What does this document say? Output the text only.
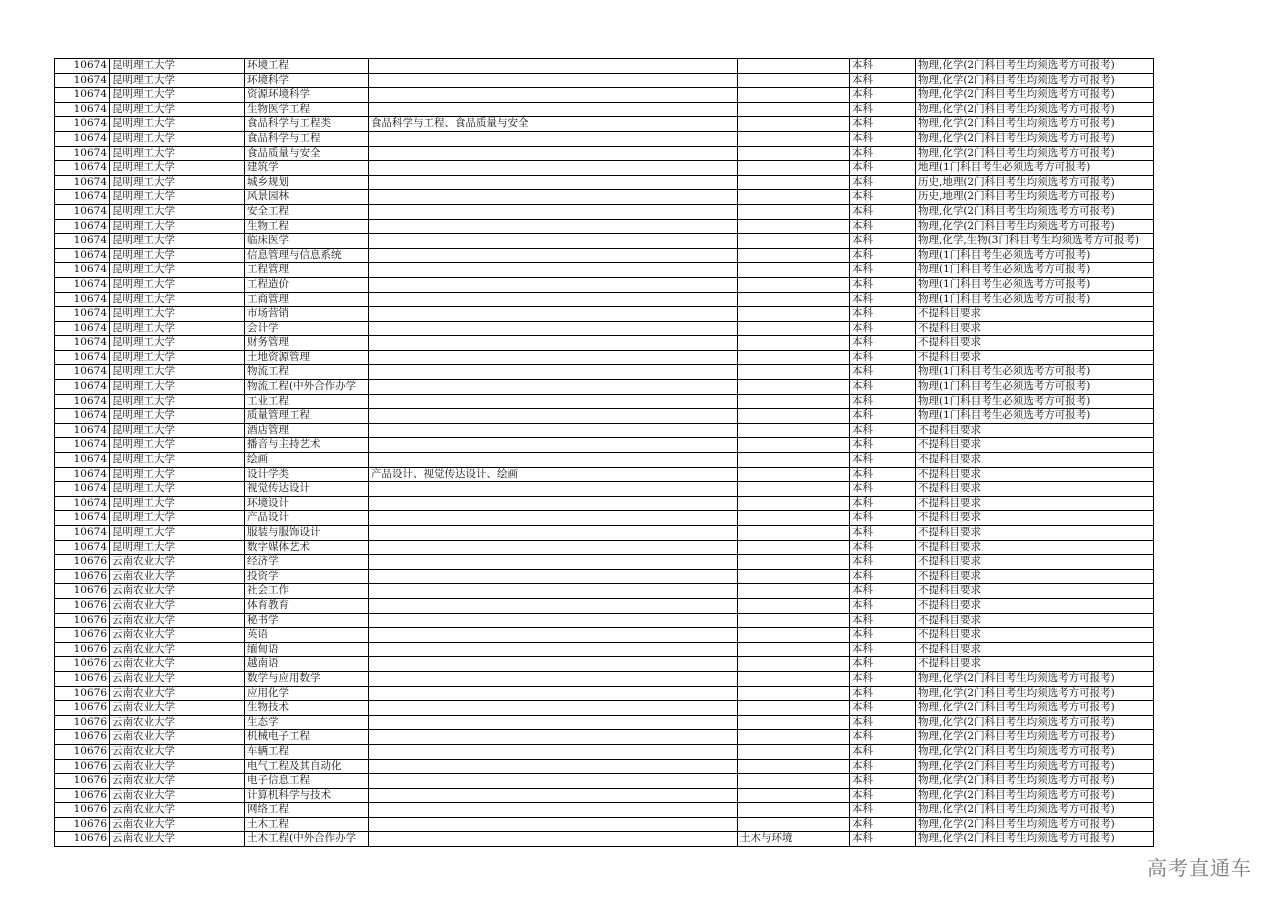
10674	昆明理工大学	环境工程			本科	物理,化学(2门科目考生均须选考方可报考)
10674	昆明理工大学	环境科学			本科	物理,化学(2门科目考生均须选考方可报考)
10674	昆明理工大学	资源环境科学			本科	物理,化学(2门科目考生均须选考方可报考)
10674	昆明理工大学	生物医学工程			本科	物理,化学(2门科目考生均须选考方可报考)
10674	昆明理工大学	食品科学与工程类	食品科学与工程、食品质量与安全		本科	物理,化学(2门科目考生均须选考方可报考)
10674	昆明理工大学	食品科学与工程			本科	物理,化学(2门科目考生均须选考方可报考)
10674	昆明理工大学	食品质量与安全			本科	物理,化学(2门科目考生均须选考方可报考)
10674	昆明理工大学	建筑学			本科	地理(1门科目考生必须选考方可报考)
10674	昆明理工大学	城乡规划			本科	历史,地理(2门科目考生均须选考方可报考)
10674	昆明理工大学	风景园林			本科	历史,地理(2门科目考生均须选考方可报考)
10674	昆明理工大学	安全工程			本科	物理,化学(2门科目考生均须选考方可报考)
10674	昆明理工大学	生物工程			本科	物理,化学(2门科目考生均须选考方可报考)
10674	昆明理工大学	临床医学			本科	物理,化学,生物(3门科目考生均须选考方可报考)
10674	昆明理工大学	信息管理与信息系统			本科	物理(1门科目考生必须选考方可报考)
10674	昆明理工大学	工程管理			本科	物理(1门科目考生必须选考方可报考)
10674	昆明理工大学	工程造价			本科	物理(1门科目考生必须选考方可报考)
10674	昆明理工大学	工商管理			本科	物理(1门科目考生必须选考方可报考)
10674	昆明理工大学	市场营销			本科	不提科目要求
10674	昆明理工大学	会计学			本科	不提科目要求
10674	昆明理工大学	财务管理			本科	不提科目要求
10674	昆明理工大学	土地资源管理			本科	不提科目要求
10674	昆明理工大学	物流工程			本科	物理(1门科目考生必须选考方可报考)
10674	昆明理工大学	物流工程(中外合作办学			本科	物理(1门科目考生必须选考方可报考)
10674	昆明理工大学	工业工程			本科	物理(1门科目考生必须选考方可报考)
10674	昆明理工大学	质量管理工程			本科	物理(1门科目考生必须选考方可报考)
10674	昆明理工大学	酒店管理			本科	不提科目要求
10674	昆明理工大学	播音与主持艺术			本科	不提科目要求
10674	昆明理工大学	绘画			本科	不提科目要求
10674	昆明理工大学	设计学类	产品设计、视觉传达设计、绘画		本科	不提科目要求
10674	昆明理工大学	视觉传达设计			本科	不提科目要求
10674	昆明理工大学	环境设计			本科	不提科目要求
10674	昆明理工大学	产品设计			本科	不提科目要求
10674	昆明理工大学	服装与服饰设计			本科	不提科目要求
10674	昆明理工大学	数字媒体艺术			本科	不提科目要求
10676	云南农业大学	经济学			本科	不提科目要求
10676	云南农业大学	投资学			本科	不提科目要求
10676	云南农业大学	社会工作			本科	不提科目要求
10676	云南农业大学	体育教育			本科	不提科目要求
10676	云南农业大学	秘书学			本科	不提科目要求
10676	云南农业大学	英语			本科	不提科目要求
10676	云南农业大学	缅甸语			本科	不提科目要求
10676	云南农业大学	越南语			本科	不提科目要求
10676	云南农业大学	数学与应用数学			本科	物理,化学(2门科目考生均须选考方可报考)
10676	云南农业大学	应用化学			本科	物理,化学(2门科目考生均须选考方可报考)
10676	云南农业大学	生物技术			本科	物理,化学(2门科目考生均须选考方可报考)
10676	云南农业大学	生态学			本科	物理,化学(2门科目考生均须选考方可报考)
10676	云南农业大学	机械电子工程			本科	物理,化学(2门科目考生均须选考方可报考)
10676	云南农业大学	车辆工程			本科	物理,化学(2门科目考生均须选考方可报考)
10676	云南农业大学	电气工程及其自动化			本科	物理,化学(2门科目考生均须选考方可报考)
10676	云南农业大学	电子信息工程			本科	物理,化学(2门科目考生均须选考方可报考)
10676	云南农业大学	计算机科学与技术			本科	物理,化学(2门科目考生均须选考方可报考)
10676	云南农业大学	网络工程			本科	物理,化学(2门科目考生均须选考方可报考)
10676	云南农业大学	土木工程			本科	物理,化学(2门科目考生均须选考方可报考)
10676	云南农业大学	土木工程(中外合作办学		土木与环境	本科	物理,化学(2门科目考生均须选考方可报考)
高考直通车
